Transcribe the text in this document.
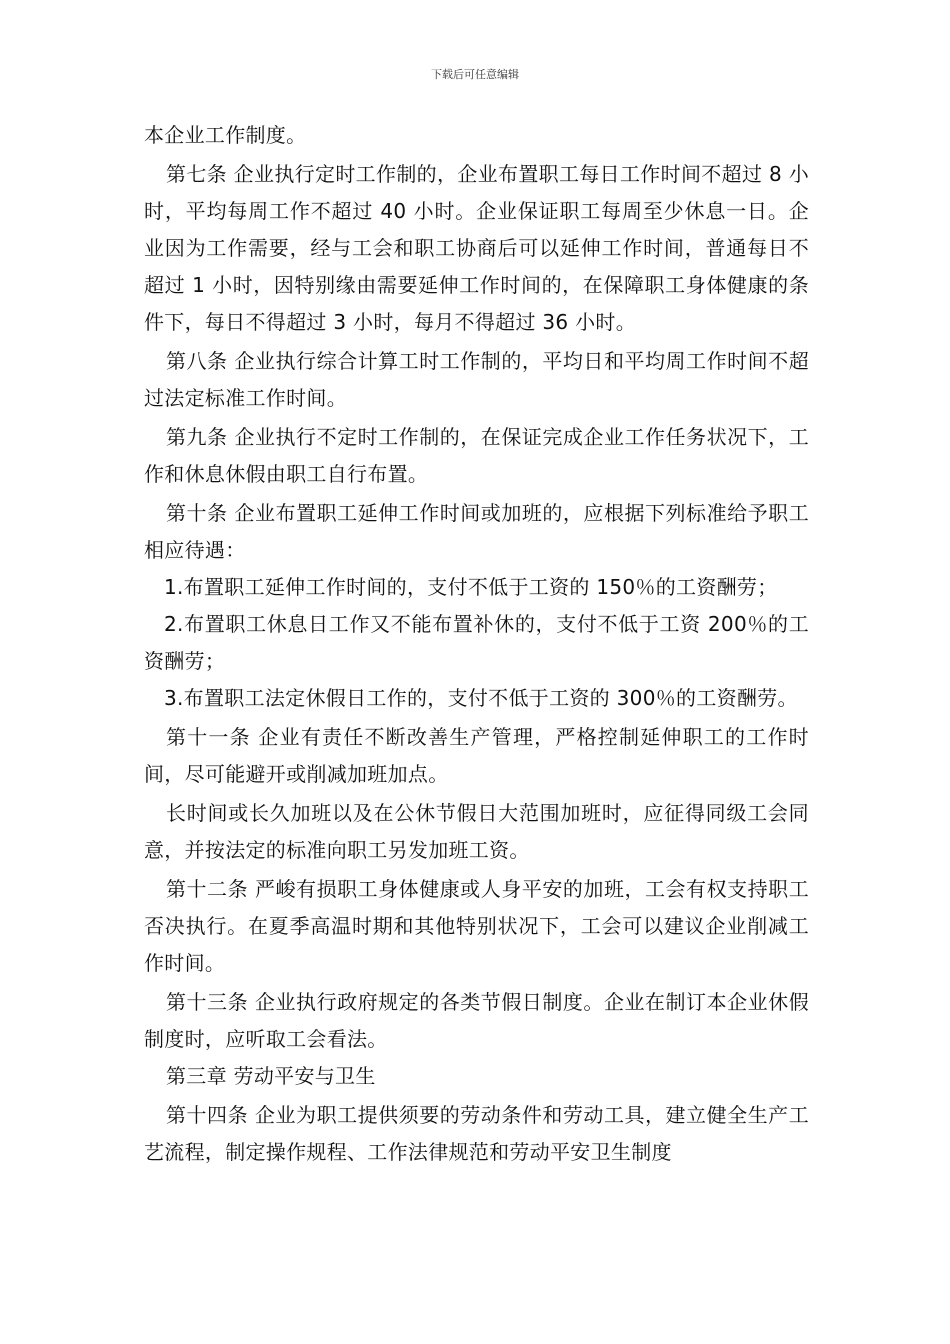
下载后可任意编辑

本企业工作制度。

第七条 企业执行定时工作制的，企业布置职工每日工作时间不超过 8 小时，平均每周工作不超过 40 小时。企业保证职工每周至少休息一日。企业因为工作需要，经与工会和职工协商后可以延伸工作时间，普通每日不超过 1 小时，因特别缘由需要延伸工作时间的，在保障职工身体健康的条件下，每日不得超过 3 小时，每月不得超过 36 小时。

第八条 企业执行综合计算工时工作制的，平均日和平均周工作时间不超过法定标准工作时间。

第九条 企业执行不定时工作制的，在保证完成企业工作任务状况下，工作和休息休假由职工自行布置。

第十条 企业布置职工延伸工作时间或加班的，应根据下列标准给予职工相应待遇：

1.布置职工延伸工作时间的，支付不低于工资的 150％的工资酬劳；

2.布置职工休息日工作又不能布置补休的，支付不低于工资 200％的工资酬劳；

3.布置职工法定休假日工作的，支付不低于工资的 300％的工资酬劳。

第十一条 企业有责任不断改善生产管理，严格控制延伸职工的工作时间，尽可能避开或削减加班加点。

长时间或长久加班以及在公休节假日大范围加班时，应征得同级工会同意，并按法定的标准向职工另发加班工资。

第十二条 严峻有损职工身体健康或人身平安的加班，工会有权支持职工否决执行。在夏季高温时期和其他特别状况下，工会可以建议企业削减工作时间。

第十三条 企业执行政府规定的各类节假日制度。企业在制订本企业休假制度时，应听取工会看法。

第三章 劳动平安与卫生

第十四条 企业为职工提供须要的劳动条件和劳动工具，建立健全生产工艺流程，制定操作规程、工作法律规范和劳动平安卫生制度
